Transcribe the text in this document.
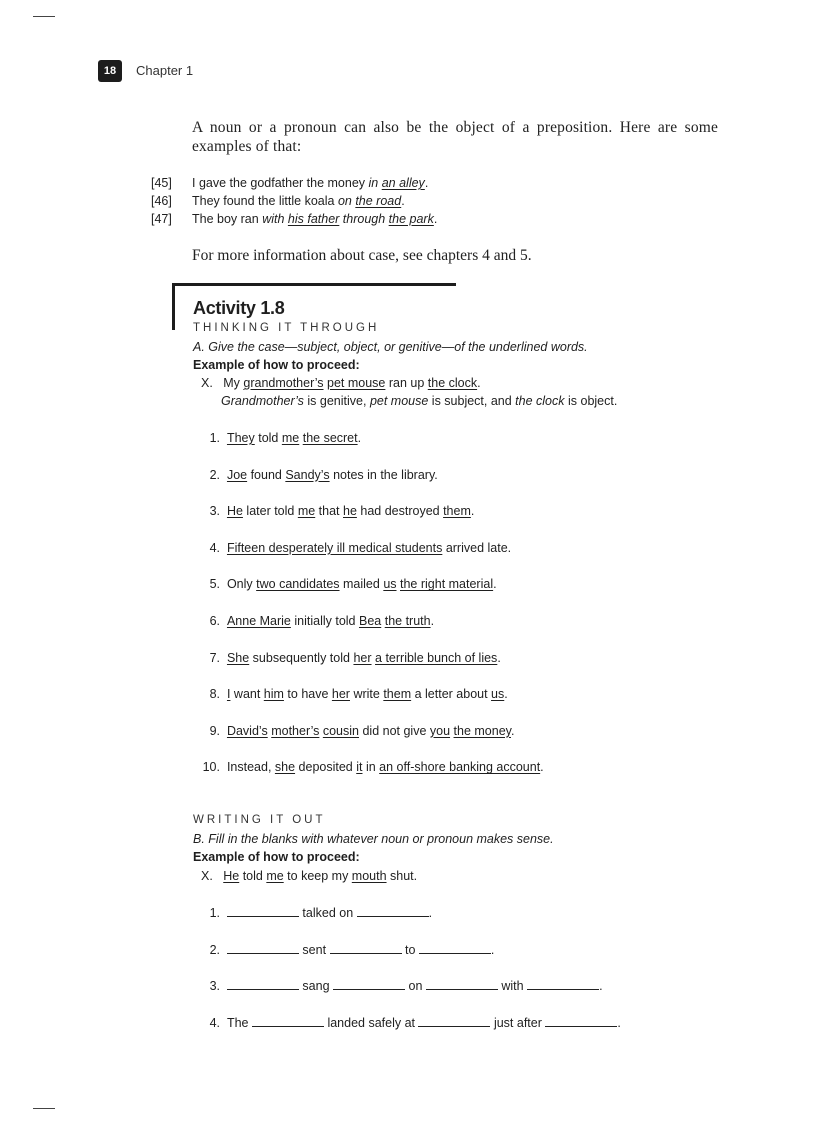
18	Chapter 1
A noun or a pronoun can also be the object of a preposition. Here are some examples of that:
[45] I gave the godfather the money in an alley.
[46] They found the little koala on the road.
[47] The boy ran with his father through the park.
For more information about case, see chapters 4 and 5.
Activity 1.8
THINKING IT THROUGH
A. Give the case—subject, object, or genitive—of the underlined words.
Example of how to proceed:
X. My grandmother’s pet mouse ran up the clock.
Grandmother’s is genitive, pet mouse is subject, and the clock is object.
1. They told me the secret.
2. Joe found Sandy’s notes in the library.
3. He later told me that he had destroyed them.
4. Fifteen desperately ill medical students arrived late.
5. Only two candidates mailed us the right material.
6. Anne Marie initially told Bea the truth.
7. She subsequently told her a terrible bunch of lies.
8. I want him to have her write them a letter about us.
9. David’s mother’s cousin did not give you the money.
10. Instead, she deposited it in an off-shore banking account.
WRITING IT OUT
B. Fill in the blanks with whatever noun or pronoun makes sense.
Example of how to proceed:
X. He told me to keep my mouth shut.
1.	talked on	.
2.	sent	to	.
3.	sang	on	with	.
4. The	landed safely at	just after	.
